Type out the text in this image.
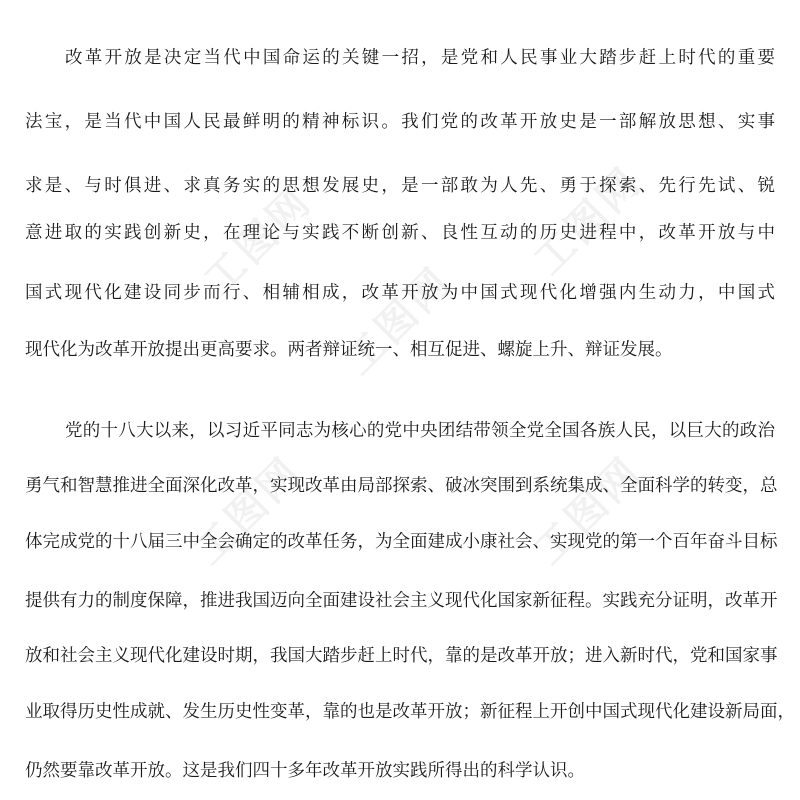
工图网	工图网
工图网
工图网	工图网
改革开放是决定当代中国命运的关键一招，是党和人民事业大踏步赶上时代的重要
法宝，是当代中国人民最鲜明的精神标识。我们党的改革开放史是一部解放思想、实事
求是、与时俱进、求真务实的思想发展史，是一部敢为人先、勇于探索、先行先试、锐
意进取的实践创新史，在理论与实践不断创新、良性互动的历史进程中，改革开放与中
国式现代化建设同步而行、相辅相成，改革开放为中国式现代化增强内生动力，中国式
现代化为改革开放提出更高要求。两者辩证统一、相互促进、螺旋上升、辩证发展。
党的十八大以来，以习近平同志为核心的党中央团结带领全党全国各族人民，以巨大的政治
勇气和智慧推进全面深化改革，实现改革由局部探索、破冰突围到系统集成、全面科学的转变，总
体完成党的十八届三中全会确定的改革任务，为全面建成小康社会、实现党的第一个百年奋斗目标
提供有力的制度保障，推进我国迈向全面建设社会主义现代化国家新征程。实践充分证明，改革开
放和社会主义现代化建设时期，我国大踏步赶上时代，靠的是改革开放；进入新时代，党和国家事
业取得历史性成就、发生历史性变革，靠的也是改革开放；新征程上开创中国式现代化建设新局面，
仍然要靠改革开放。这是我们四十多年改革开放实践所得出的科学认识。
